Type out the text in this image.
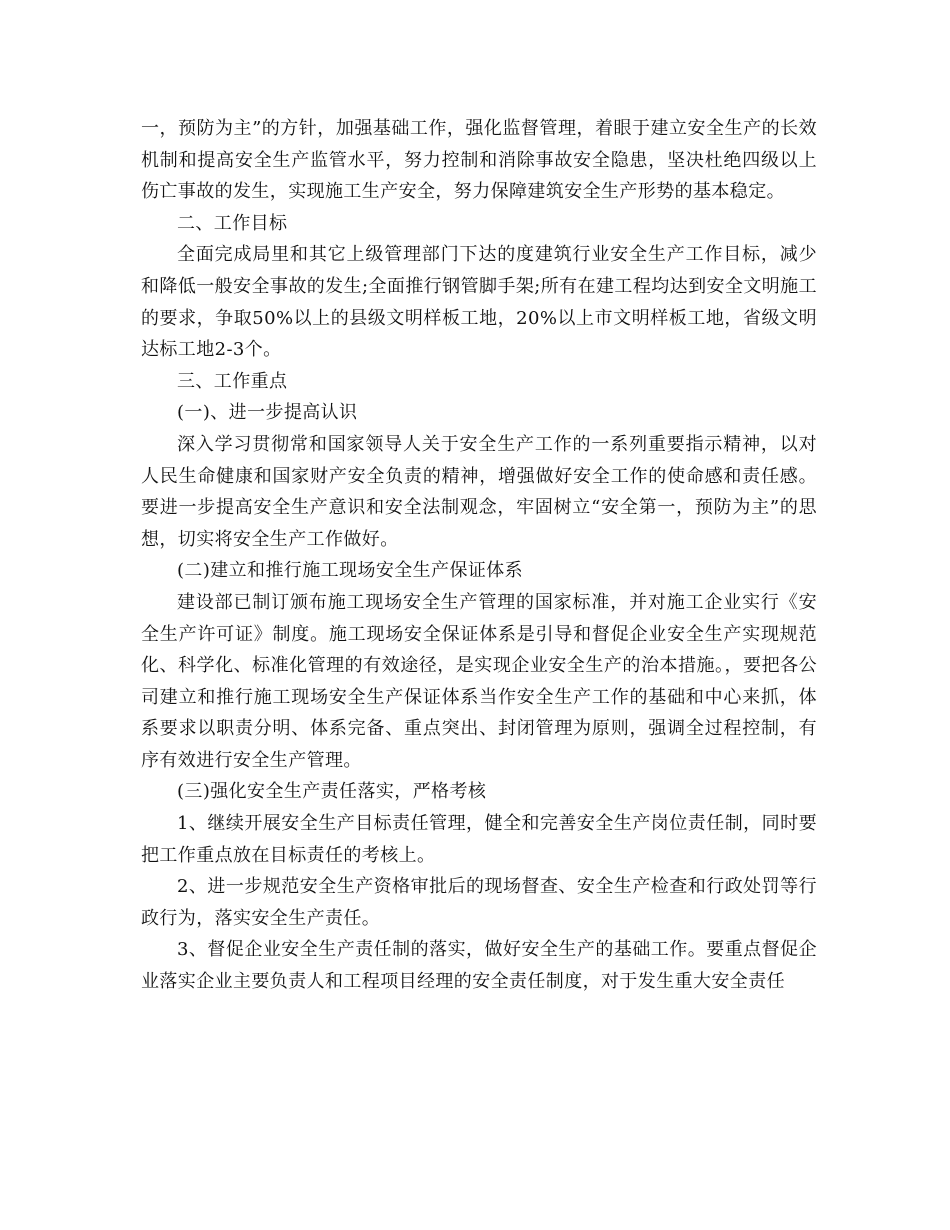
一，预防为主”的方针，加强基础工作，强化监督管理，着眼于建立安全生产的长效机制和提高安全生产监管水平，努力控制和消除事故安全隐患，坚决杜绝四级以上伤亡事故的发生，实现施工生产安全，努力保障建筑安全生产形势的基本稳定。

二、工作目标

全面完成局里和其它上级管理部门下达的度建筑行业安全生产工作目标，减少和降低一般安全事故的发生;全面推行钢管脚手架;所有在建工程均达到安全文明施工的要求，争取50%以上的县级文明样板工地，20%以上市文明样板工地，省级文明达标工地2-3个。

三、工作重点

(一)、进一步提高认识

深入学习贯彻常和国家领导人关于安全生产工作的一系列重要指示精神，以对人民生命健康和国家财产安全负责的精神，增强做好安全工作的使命感和责任感。要进一步提高安全生产意识和安全法制观念，牢固树立“安全第一，预防为主”的思想，切实将安全生产工作做好。

(二)建立和推行施工现场安全生产保证体系

建设部已制订颁布施工现场安全生产管理的国家标准，并对施工企业实行《安全生产许可证》制度。施工现场安全保证体系是引导和督促企业安全生产实现规范化、科学化、标准化管理的有效途径，是实现企业安全生产的治本措施。，要把各公司建立和推行施工现场安全生产保证体系当作安全生产工作的基础和中心来抓，体系要求以职责分明、体系完备、重点突出、封闭管理为原则，强调全过程控制，有序有效进行安全生产管理。

(三)强化安全生产责任落实，严格考核

1、继续开展安全生产目标责任管理，健全和完善安全生产岗位责任制，同时要把工作重点放在目标责任的考核上。

2、进一步规范安全生产资格审批后的现场督查、安全生产检查和行政处罚等行政行为，落实安全生产责任。

3、督促企业安全生产责任制的落实，做好安全生产的基础工作。要重点督促企业落实企业主要负责人和工程项目经理的安全责任制度，对于发生重大安全责任
